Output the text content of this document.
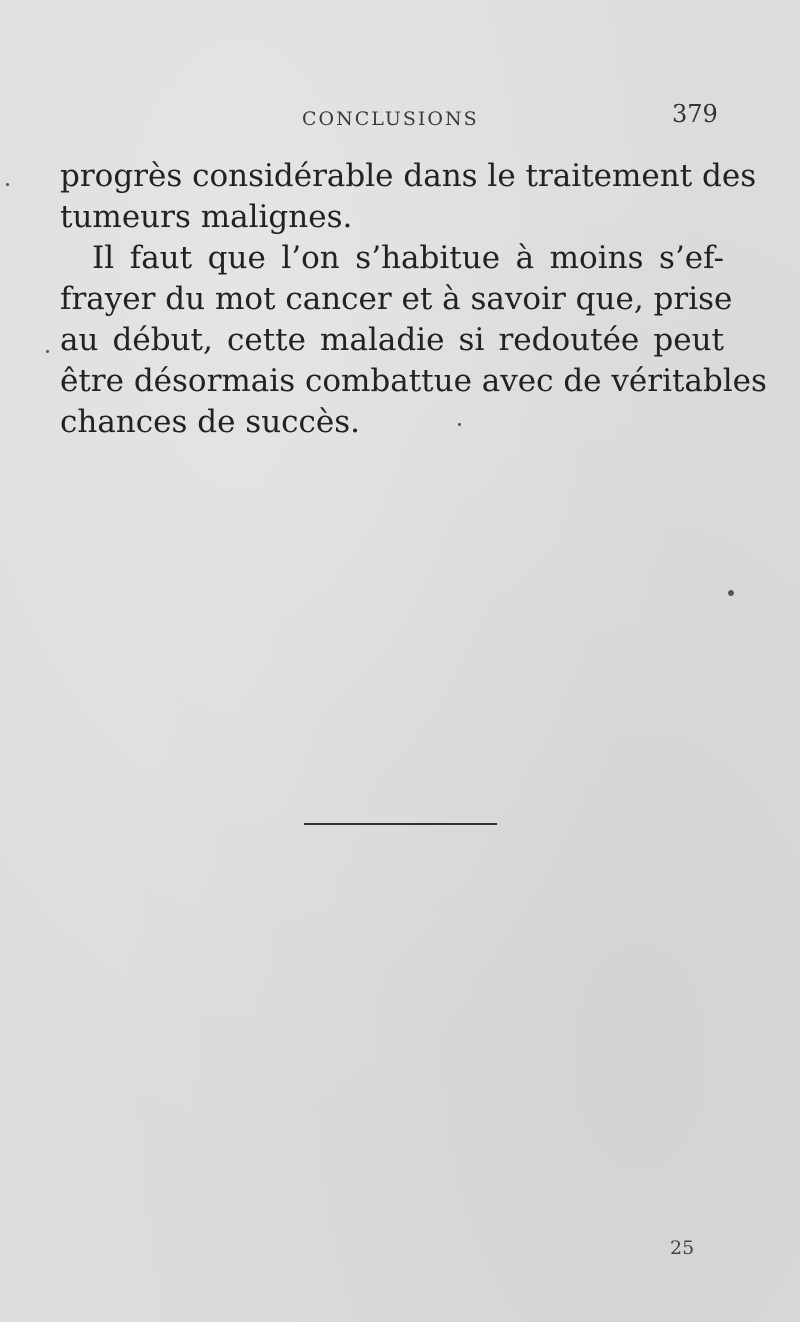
CONCLUSIONS	379
progrès considérable dans le traitement des
tumeurs malignes.
Il faut que l’on s’habitue à moins s’ef-
frayer du mot cancer et à savoir que, prise
au début, cette maladie si redoutée peut
être désormais combattue avec de véritables
chances de succès.
25
